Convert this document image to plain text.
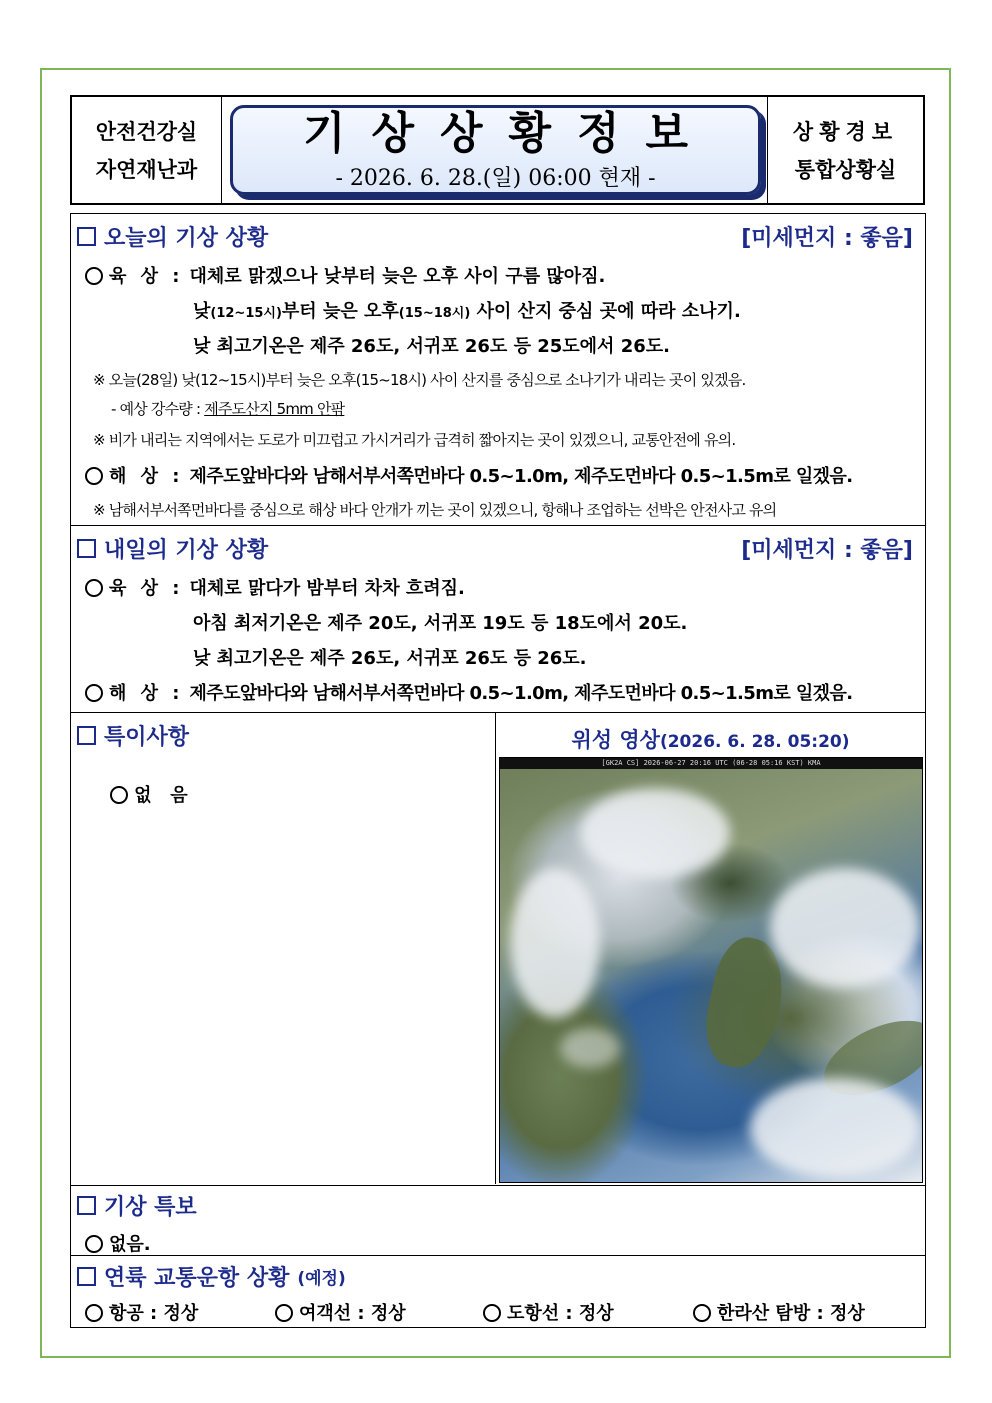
안전건강실
자연재난과
기상상황정보
- 2026. 6. 28.(일) 06:00 현재 -
상황경보
통합상황실
오늘의 기상 상황	[미세먼지 : 좋음]
육 상 : 대체로 맑겠으나 낮부터 늦은 오후 사이 구름 많아짐.
낮(12~15시)부터 늦은 오후(15~18시) 사이 산지 중심 곳에 따라 소나기.
낮 최고기온은 제주 26도, 서귀포 26도 등 25도에서 26도.
※ 오늘(28일) 낮(12~15시)부터 늦은 오후(15~18시) 사이 산지를 중심으로 소나기가 내리는 곳이 있겠음.
- 예상 강수량 : 제주도산지 5mm 안팎
※ 비가 내리는 지역에서는 도로가 미끄럽고 가시거리가 급격히 짧아지는 곳이 있겠으니, 교통안전에 유의.
해 상 : 제주도앞바다와 남해서부서쪽먼바다 0.5~1.0m, 제주도먼바다 0.5~1.5m로 일겠음.
※ 남해서부서쪽먼바다를 중심으로 해상 바다 안개가 끼는 곳이 있겠으니, 항해나 조업하는 선박은 안전사고 유의
내일의 기상 상황	[미세먼지 : 좋음]
육 상 : 대체로 맑다가 밤부터 차차 흐려짐.
아침 최저기온은 제주 20도, 서귀포 19도 등 18도에서 20도.
낮 최고기온은 제주 26도, 서귀포 26도 등 26도.
해 상 : 제주도앞바다와 남해서부서쪽먼바다 0.5~1.0m, 제주도먼바다 0.5~1.5m로 일겠음.
특이사항

없   음

위성 영상(2026. 6. 28. 05:20)
[GK2A CS] 2026-06-27 20:16 UTC (06-28 05:16 KST) KMA
기상 특보
없음.
연륙 교통운항 상황 (예정)
항공 : 정상	여객선 : 정상	도항선 : 정상	한라산 탐방 : 정상
